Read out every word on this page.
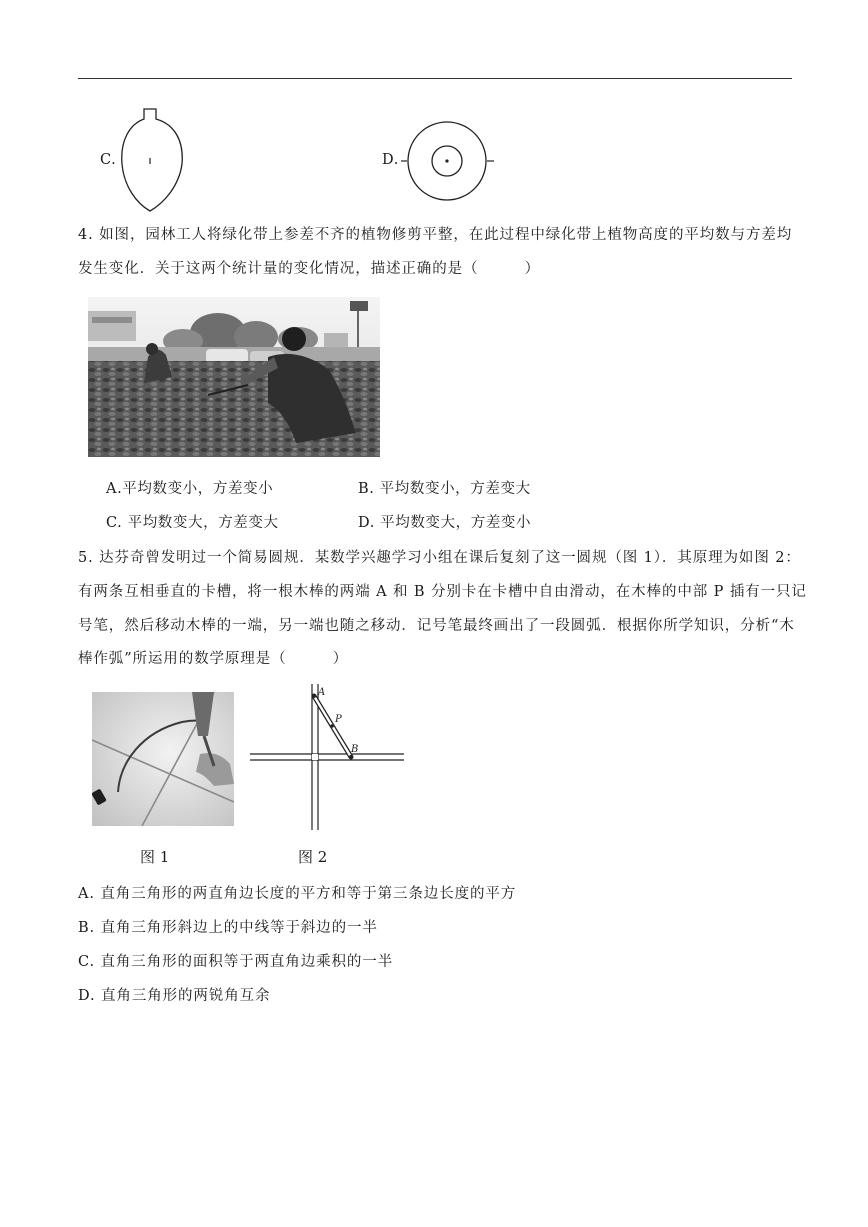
C.	D.
4. 如图，园林工人将绿化带上参差不齐的植物修剪平整，在此过程中绿化带上植物高度的平均数与方差均
发生变化．关于这两个统计量的变化情况，描述正确的是（　　　）
A.平均数变小，方差变小	B. 平均数变小，方差变大
C. 平均数变大，方差变大	D. 平均数变大，方差变小
5. 达芬奇曾发明过一个简易圆规．某数学兴趣学习小组在课后复刻了这一圆规（图 1）．其原理为如图 2：
有两条互相垂直的卡槽，将一根木棒的两端 A 和 B 分别卡在卡槽中自由滑动，在木棒的中部 P 插有一只记
号笔，然后移动木棒的一端，另一端也随之移动．记号笔最终画出了一段圆弧．根据你所学知识，分析“木
棒作弧”所运用的数学原理是（　　　）
A
P
B
图 1	图 2
A. 直角三角形的两直角边长度的平方和等于第三条边长度的平方
B. 直角三角形斜边上的中线等于斜边的一半
C. 直角三角形的面积等于两直角边乘积的一半
D. 直角三角形的两锐角互余
